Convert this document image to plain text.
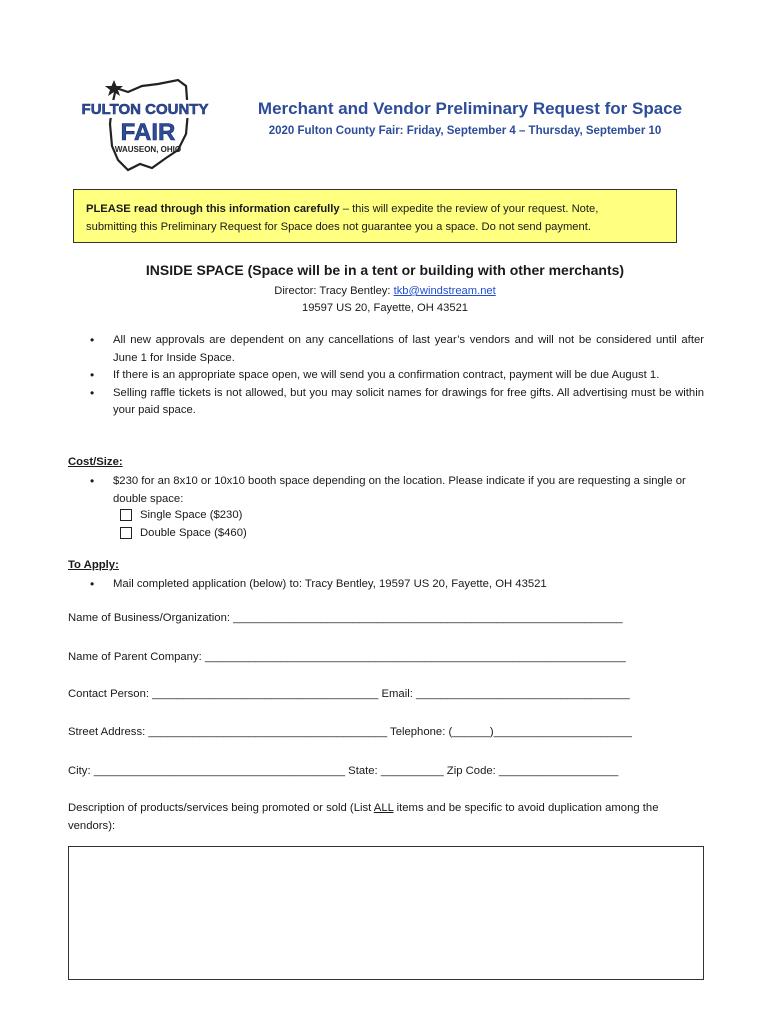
FULTON COUNTY
FAIR
WAUSEON, OHIO
Merchant and Vendor Preliminary Request for Space
2020 Fulton County Fair: Friday, September 4 – Thursday, September 10
PLEASE read through this information carefully – this will expedite the review of your request. Note,
submitting this Preliminary Request for Space does not guarantee you a space. Do not send payment.
INSIDE SPACE (Space will be in a tent or building with other merchants)
Director: Tracy Bentley: tkb@windstream.net
19597 US 20, Fayette, OH 43521
• All new approvals are dependent on any cancellations of last year’s vendors and will not be considered until after June 1 for Inside Space.
• If there is an appropriate space open, we will send you a confirmation contract, payment will be due August 1.
• Selling raffle tickets is not allowed, but you may solicit names for drawings for free gifts. All advertising must be within your paid space.
Cost/Size:
• $230 for an 8x10 or 10x10 booth space depending on the location. Please indicate if you are requesting a single or double space:
Single Space ($230)
Double Space ($460)
To Apply:
• Mail completed application (below) to: Tracy Bentley, 19597 US 20, Fayette, OH 43521
Name of Business/Organization: ______________________________________________________________
Name of Parent Company: ___________________________________________________________________
Contact Person: ____________________________________ Email: __________________________________
Street Address: ______________________________________ Telephone: (______)______________________
City: ________________________________________ State: __________ Zip Code: ___________________
Description of products/services being promoted or sold (List ALL items and be specific to avoid duplication among the vendors):
